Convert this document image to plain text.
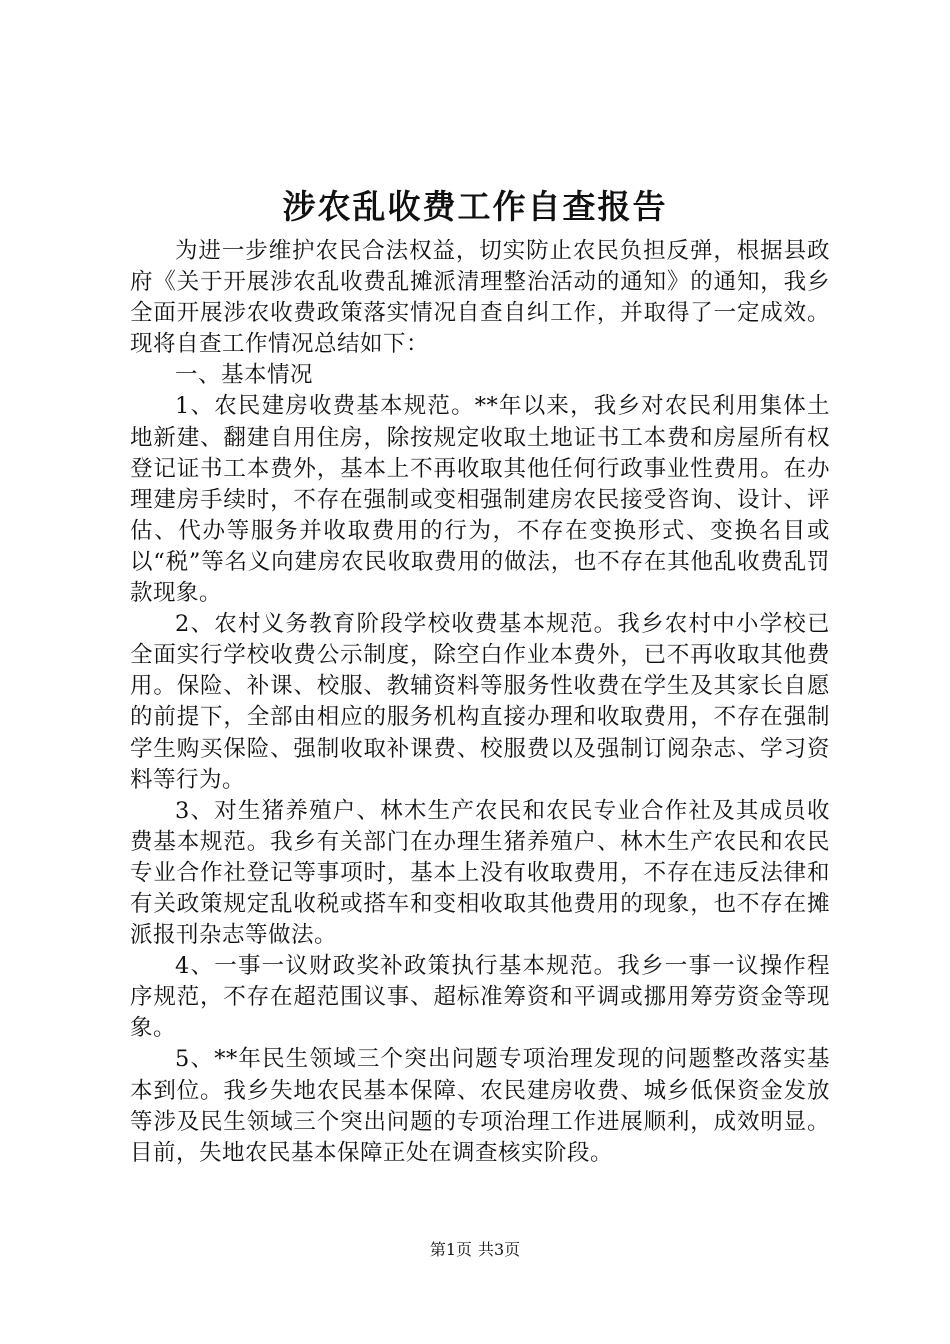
涉农乱收费工作自查报告

为进一步维护农民合法权益，切实防止农民负担反弹，根据县政府《关于开展涉农乱收费乱摊派清理整治活动的通知》的通知，我乡全面开展涉农收费政策落实情况自查自纠工作，并取得了一定成效。现将自查工作情况总结如下：

一、基本情况

1、农民建房收费基本规范。**年以来，我乡对农民利用集体土地新建、翻建自用住房，除按规定收取土地证书工本费和房屋所有权登记证书工本费外，基本上不再收取其他任何行政事业性费用。在办理建房手续时，不存在强制或变相强制建房农民接受咨询、设计、评估、代办等服务并收取费用的行为，不存在变换形式、变换名目或以“税”等名义向建房农民收取费用的做法，也不存在其他乱收费乱罚款现象。

2、农村义务教育阶段学校收费基本规范。我乡农村中小学校已全面实行学校收费公示制度，除空白作业本费外，已不再收取其他费用。保险、补课、校服、教辅资料等服务性收费在学生及其家长自愿的前提下，全部由相应的服务机构直接办理和收取费用，不存在强制学生购买保险、强制收取补课费、校服费以及强制订阅杂志、学习资料等行为。

3、对生猪养殖户、林木生产农民和农民专业合作社及其成员收费基本规范。我乡有关部门在办理生猪养殖户、林木生产农民和农民专业合作社登记等事项时，基本上没有收取费用，不存在违反法律和有关政策规定乱收税或搭车和变相收取其他费用的现象，也不存在摊派报刊杂志等做法。

4、一事一议财政奖补政策执行基本规范。我乡一事一议操作程序规范，不存在超范围议事、超标准筹资和平调或挪用筹劳资金等现象。

5、**年民生领域三个突出问题专项治理发现的问题整改落实基本到位。我乡失地农民基本保障、农民建房收费、城乡低保资金发放等涉及民生领域三个突出问题的专项治理工作进展顺利，成效明显。目前，失地农民基本保障正处在调查核实阶段。

第1页 共3页
